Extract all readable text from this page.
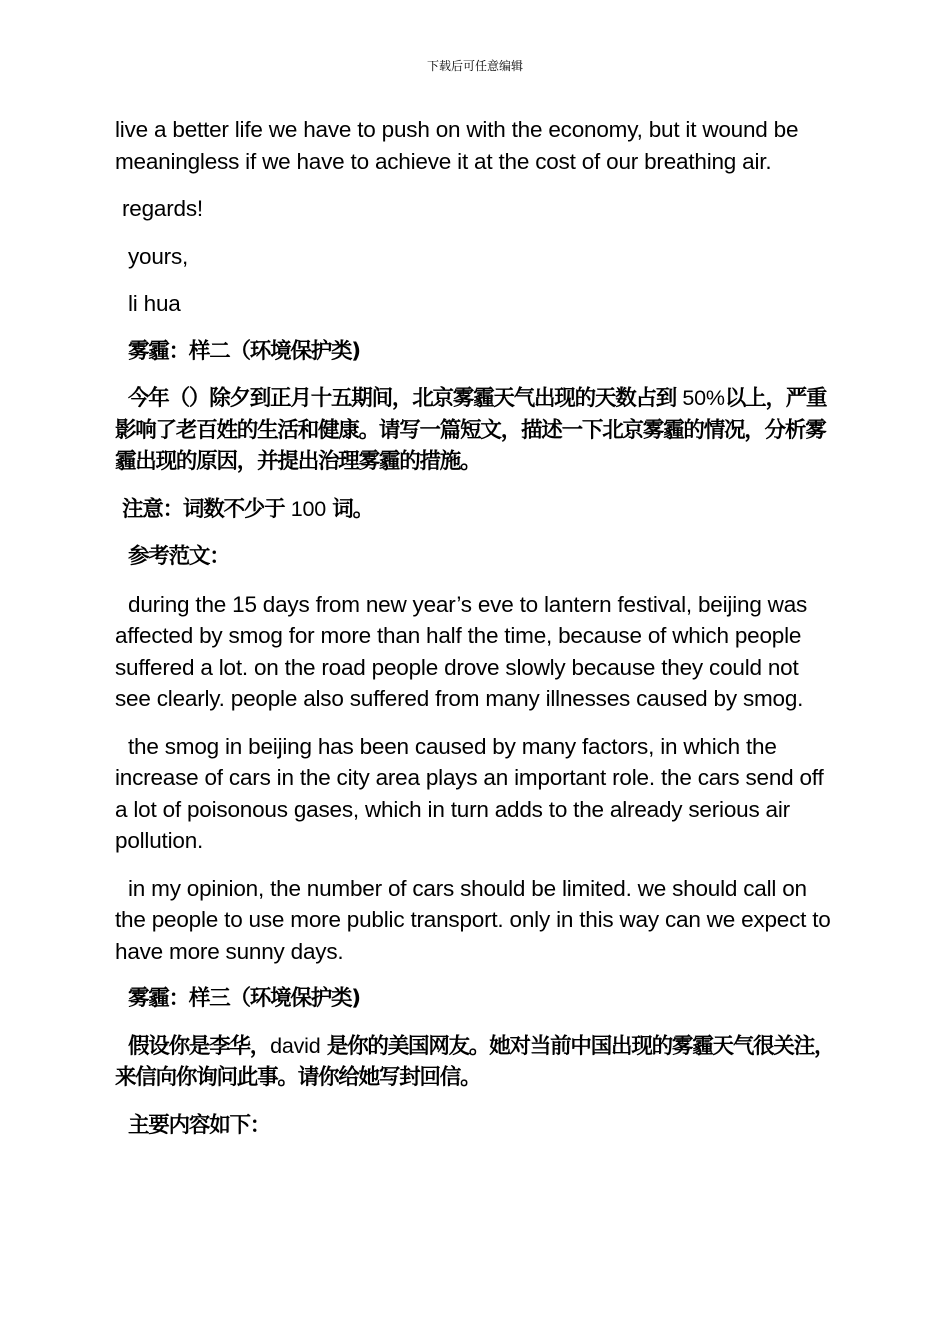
下载后可任意编辑

live a better life we have to push on with the economy, but it wound be meaningless if we have to achieve it at the cost of our breathing air.

regards!

yours,

li hua

雾霾：样二（环境保护类)

今年（）除夕到正月十五期间，北京雾霾天气出现的天数占到 50%以上，严重影响了老百姓的生活和健康。请写一篇短文，描述一下北京雾霾的情况，分析雾霾出现的原因，并提出治理雾霾的措施。

注意：词数不少于 100 词。

参考范文：

during the 15 days from new year’s eve to lantern festival, beijing was affected by smog for more than half the time, because of which people suffered a lot. on the road people drove slowly because they could not see clearly. people also suffered from many illnesses caused by smog.

the smog in beijing has been caused by many factors, in which the increase of cars in the city area plays an important role. the cars send off a lot of poisonous gases, which in turn adds to the already serious air pollution.

in my opinion, the number of cars should be limited. we should call on the people to use more public transport. only in this way can we expect to have more sunny days.

雾霾：样三（环境保护类)

假设你是李华，david 是你的美国网友。她对当前中国出现的雾霾天气很关注，来信向你询问此事。请你给她写封回信。

主要内容如下：
